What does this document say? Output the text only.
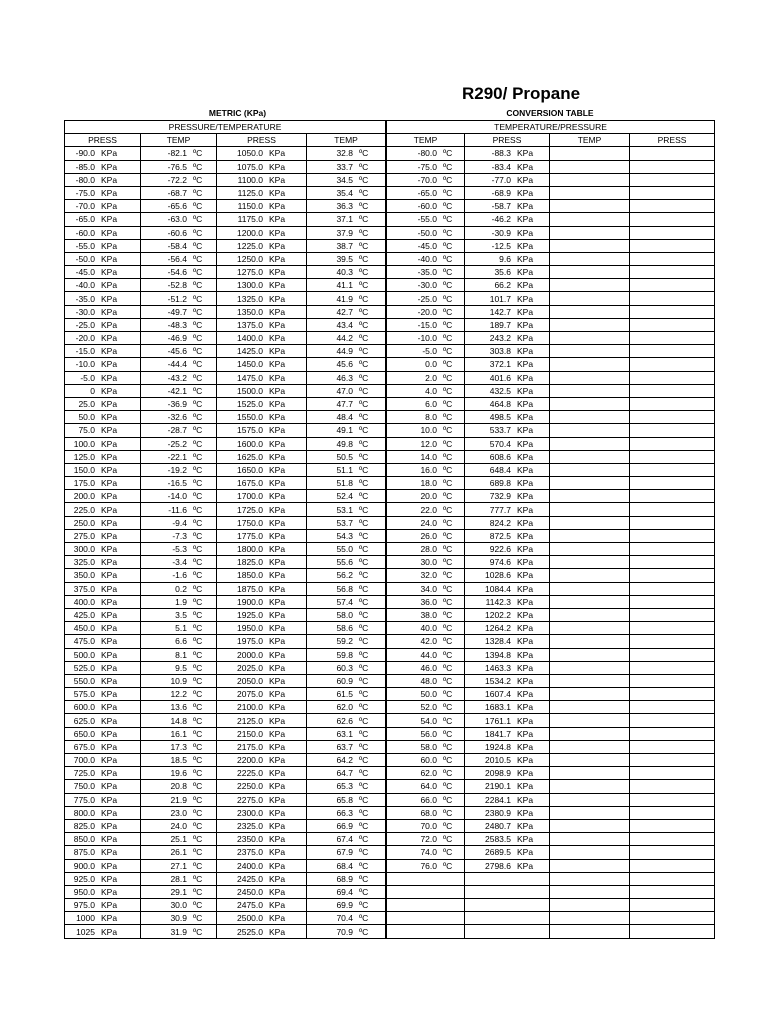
R290/ Propane
METRIC (KPa)	CONVERSION TABLE
PRESSURE/TEMPERATURE			
PRESS	TEMP	PRESS	TEMP
-90.0 KPa	-82.1 ºC	1050.0 KPa	32.8 ºC
-85.0 KPa	-76.5 ºC	1075.0 KPa	33.7 ºC
-80.0 KPa	-72.2 ºC	1100.0 KPa	34.5 ºC
-75.0 KPa	-68.7 ºC	1125.0 KPa	35.4 ºC
-70.0 KPa	-65.6 ºC	1150.0 KPa	36.3 ºC
-65.0 KPa	-63.0 ºC	1175.0 KPa	37.1 ºC
-60.0 KPa	-60.6 ºC	1200.0 KPa	37.9 ºC
-55.0 KPa	-58.4 ºC	1225.0 KPa	38.7 ºC
-50.0 KPa	-56.4 ºC	1250.0 KPa	39.5 ºC
-45.0 KPa	-54.6 ºC	1275.0 KPa	40.3 ºC
-40.0 KPa	-52.8 ºC	1300.0 KPa	41.1 ºC
-35.0 KPa	-51.2 ºC	1325.0 KPa	41.9 ºC
-30.0 KPa	-49.7 ºC	1350.0 KPa	42.7 ºC
-25.0 KPa	-48.3 ºC	1375.0 KPa	43.4 ºC
-20.0 KPa	-46.9 ºC	1400.0 KPa	44.2 ºC
-15.0 KPa	-45.6 ºC	1425.0 KPa	44.9 ºC
-10.0 KPa	-44.4 ºC	1450.0 KPa	45.6 ºC
-5.0 KPa	-43.2 ºC	1475.0 KPa	46.3 ºC
0 KPa	-42.1 ºC	1500.0 KPa	47.0 ºC
25.0 KPa	-36.9 ºC	1525.0 KPa	47.7 ºC
50.0 KPa	-32.6 ºC	1550.0 KPa	48.4 ºC
75.0 KPa	-28.7 ºC	1575.0 KPa	49.1 ºC
100.0 KPa	-25.2 ºC	1600.0 KPa	49.8 ºC
125.0 KPa	-22.1 ºC	1625.0 KPa	50.5 ºC
150.0 KPa	-19.2 ºC	1650.0 KPa	51.1 ºC
175.0 KPa	-16.5 ºC	1675.0 KPa	51.8 ºC
200.0 KPa	-14.0 ºC	1700.0 KPa	52.4 ºC
225.0 KPa	-11.6 ºC	1725.0 KPa	53.1 ºC
250.0 KPa	-9.4 ºC	1750.0 KPa	53.7 ºC
275.0 KPa	-7.3 ºC	1775.0 KPa	54.3 ºC
300.0 KPa	-5.3 ºC	1800.0 KPa	55.0 ºC
325.0 KPa	-3.4 ºC	1825.0 KPa	55.6 ºC
350.0 KPa	-1.6 ºC	1850.0 KPa	56.2 ºC
375.0 KPa	0.2 ºC	1875.0 KPa	56.8 ºC
400.0 KPa	1.9 ºC	1900.0 KPa	57.4 ºC
425.0 KPa	3.5 ºC	1925.0 KPa	58.0 ºC
450.0 KPa	5.1 ºC	1950.0 KPa	58.6 ºC
475.0 KPa	6.6 ºC	1975.0 KPa	59.2 ºC
500.0 KPa	8.1 ºC	2000.0 KPa	59.8 ºC
525.0 KPa	9.5 ºC	2025.0 KPa	60.3 ºC
550.0 KPa	10.9 ºC	2050.0 KPa	60.9 ºC
575.0 KPa	12.2 ºC	2075.0 KPa	61.5 ºC
600.0 KPa	13.6 ºC	2100.0 KPa	62.0 ºC
625.0 KPa	14.8 ºC	2125.0 KPa	62.6 ºC
650.0 KPa	16.1 ºC	2150.0 KPa	63.1 ºC
675.0 KPa	17.3 ºC	2175.0 KPa	63.7 ºC
700.0 KPa	18.5 ºC	2200.0 KPa	64.2 ºC
725.0 KPa	19.6 ºC	2225.0 KPa	64.7 ºC
750.0 KPa	20.8 ºC	2250.0 KPa	65.3 ºC
775.0 KPa	21.9 ºC	2275.0 KPa	65.8 ºC
800.0 KPa	23.0 ºC	2300.0 KPa	66.3 ºC
825.0 KPa	24.0 ºC	2325.0 KPa	66.9 ºC
850.0 KPa	25.1 ºC	2350.0 KPa	67.4 ºC
875.0 KPa	26.1 ºC	2375.0 KPa	67.9 ºC
900.0 KPa	27.1 ºC	2400.0 KPa	68.4 ºC
925.0 KPa	28.1 ºC	2425.0 KPa	68.9 ºC
950.0 KPa	29.1 ºC	2450.0 KPa	69.4 ºC
975.0 KPa	30.0 ºC	2475.0 KPa	69.9 ºC
1000 KPa	30.9 ºC	2500.0 KPa	70.4 ºC
1025 KPa	31.9 ºC	2525.0 KPa	70.9 ºC
TEMPERATURE/PRESSURE			
TEMP	PRESS	TEMP	PRESS
-80.0 ºC	-88.3 KPa		
-75.0 ºC	-83.4 KPa		
-70.0 ºC	-77.0 KPa		
-65.0 ºC	-68.9 KPa		
-60.0 ºC	-58.7 KPa		
-55.0 ºC	-46.2 KPa		
-50.0 ºC	-30.9 KPa		
-45.0 ºC	-12.5 KPa		
-40.0 ºC	9.6 KPa		
-35.0 ºC	35.6 KPa		
-30.0 ºC	66.2 KPa		
-25.0 ºC	101.7 KPa		
-20.0 ºC	142.7 KPa		
-15.0 ºC	189.7 KPa		
-10.0 ºC	243.2 KPa		
-5.0 ºC	303.8 KPa		
0.0 ºC	372.1 KPa		
2.0 ºC	401.6 KPa		
4.0 ºC	432.5 KPa		
6.0 ºC	464.8 KPa		
8.0 ºC	498.5 KPa		
10.0 ºC	533.7 KPa		
12.0 ºC	570.4 KPa		
14.0 ºC	608.6 KPa		
16.0 ºC	648.4 KPa		
18.0 ºC	689.8 KPa		
20.0 ºC	732.9 KPa		
22.0 ºC	777.7 KPa		
24.0 ºC	824.2 KPa		
26.0 ºC	872.5 KPa		
28.0 ºC	922.6 KPa		
30.0 ºC	974.6 KPa		
32.0 ºC	1028.6 KPa		
34.0 ºC	1084.4 KPa		
36.0 ºC	1142.3 KPa		
38.0 ºC	1202.2 KPa		
40.0 ºC	1264.2 KPa		
42.0 ºC	1328.4 KPa		
44.0 ºC	1394.8 KPa		
46.0 ºC	1463.3 KPa		
48.0 ºC	1534.2 KPa		
50.0 ºC	1607.4 KPa		
52.0 ºC	1683.1 KPa		
54.0 ºC	1761.1 KPa		
56.0 ºC	1841.7 KPa		
58.0 ºC	1924.8 KPa		
60.0 ºC	2010.5 KPa		
62.0 ºC	2098.9 KPa		
64.0 ºC	2190.1 KPa		
66.0 ºC	2284.1 KPa		
68.0 ºC	2380.9 KPa		
70.0 ºC	2480.7 KPa		
72.0 ºC	2583.5 KPa		
74.0 ºC	2689.5 KPa		
76.0 ºC	2798.6 KPa		
